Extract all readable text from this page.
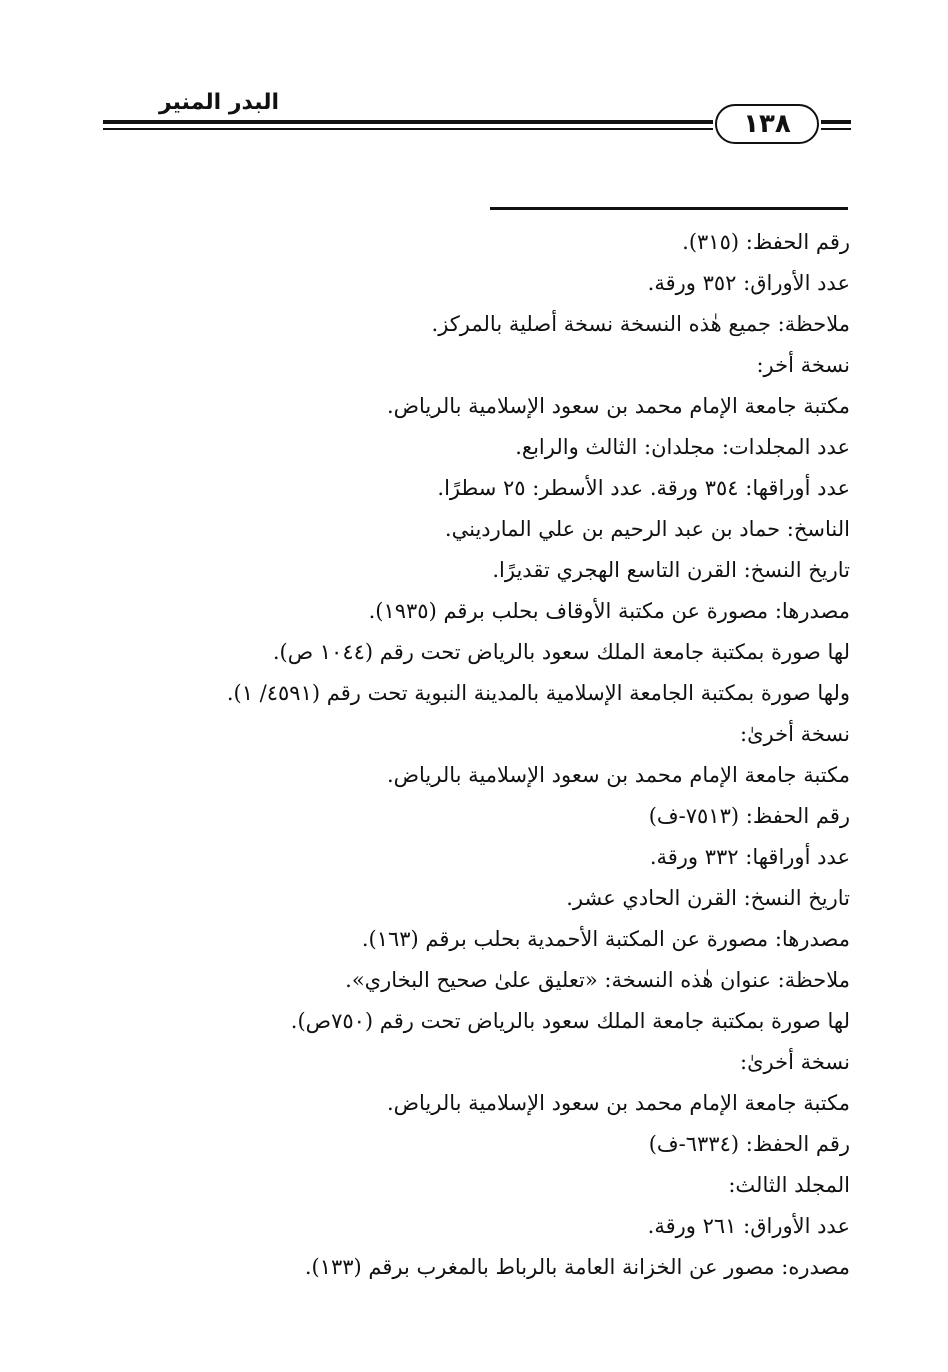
البدر المنير
١٣٨
رقم الحفظ: (٣١٥).
عدد الأوراق: ٣٥٢ ورقة.
ملاحظة: جميع هٰذه النسخة نسخة أصلية بالمركز.
نسخة أخر:
مكتبة جامعة الإمام محمد بن سعود الإسلامية بالرياض.
عدد المجلدات: مجلدان: الثالث والرابع.
عدد أوراقها: ٣٥٤ ورقة. عدد الأسطر: ٢٥ سطرًا.
الناسخ: حماد بن عبد الرحيم بن علي المارديني.
تاريخ النسخ: القرن التاسع الهجري تقديرًا.
مصدرها: مصورة عن مكتبة الأوقاف بحلب برقم (١٩٣٥).
لها صورة بمكتبة جامعة الملك سعود بالرياض تحت رقم (١٠٤٤ ص).
ولها صورة بمكتبة الجامعة الإسلامية بالمدينة النبوية تحت رقم (٤٥٩١/ ١).
نسخة أخرىٰ:
مكتبة جامعة الإمام محمد بن سعود الإسلامية بالرياض.
رقم الحفظ: (٧٥١٣-ف)
عدد أوراقها: ٣٣٢ ورقة.
تاريخ النسخ: القرن الحادي عشر.
مصدرها: مصورة عن المكتبة الأحمدية بحلب برقم (١٦٣).
ملاحظة: عنوان هٰذه النسخة: «تعليق علىٰ صحيح البخاري».
لها صورة بمكتبة جامعة الملك سعود بالرياض تحت رقم (٧٥٠ص).
نسخة أخرىٰ:
مكتبة جامعة الإمام محمد بن سعود الإسلامية بالرياض.
رقم الحفظ: (٦٣٣٤-ف)
المجلد الثالث:
عدد الأوراق: ٢٦١ ورقة.
مصدره: مصور عن الخزانة العامة بالرباط بالمغرب برقم (١٣٣).
